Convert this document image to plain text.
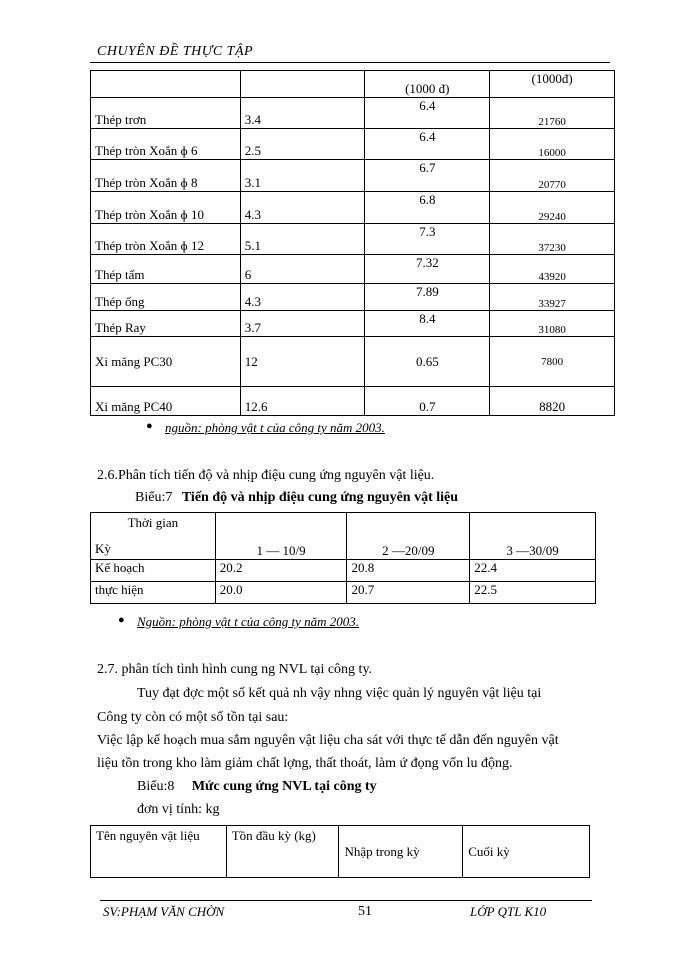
CHUYÊN ĐỀ THỰC TẬP
		(1000 đ)	(1000đ)
Thép trơn	3.4	6.4	21760
Thép tròn Xoắn ɸ 6	2.5	6.4	16000
Thép tròn Xoắn ɸ 8	3.1	6.7	20770
Thép tròn Xoắn ɸ 10	4.3	6.8	29240
Thép tròn Xoắn ɸ 12	5.1	7.3	37230
Thép tấm	6	7.32	43920
Thép ống	4.3	7.89	33927
Thép Ray	3.7	8.4	31080
Xi măng PC30	12	0.65	7800
Xi măng PC40	12.6	0.7	8820
● nguồn: phòng vật t của công ty năm 2003.
2.6.Phân tích tiến độ và nhịp điệu cung ứng nguyên vật liệu.
Biểu:7 Tiến độ và nhịp điệu cung ứng nguyên vật liệu
Thời gian
Kỳ	1 — 10/9	2 —20/09	3 —30/09
Kế hoạch	20.2	20.8	22.4
thực hiện	20.0	20.7	22.5
● Nguồn: phòng vật t của công ty năm 2003.
2.7. phân tích tình hình cung ng NVL tại công ty.
Tuy đạt đợc một số kết quả nh vậy nhng việc quản lý nguyên vật liệu tại
Công ty còn có một số tồn tại sau:
Việc lập kế hoạch mua sắm nguyên vật liệu cha sát với thực tế dẫn đến nguyên vật
liệu tồn trong kho làm giảm chất lợng, thất thoát, làm ứ đọng vốn lu động.
Biểu:8 Mức cung ứng NVL tại công ty
đơn vị tính: kg
Tên nguyên vật liệu	Tồn đầu kỳ (kg)	Nhập trong kỳ	Cuối kỳ
SV:PHẠM VĂN CHỜN	51	LỚP QTL K10
